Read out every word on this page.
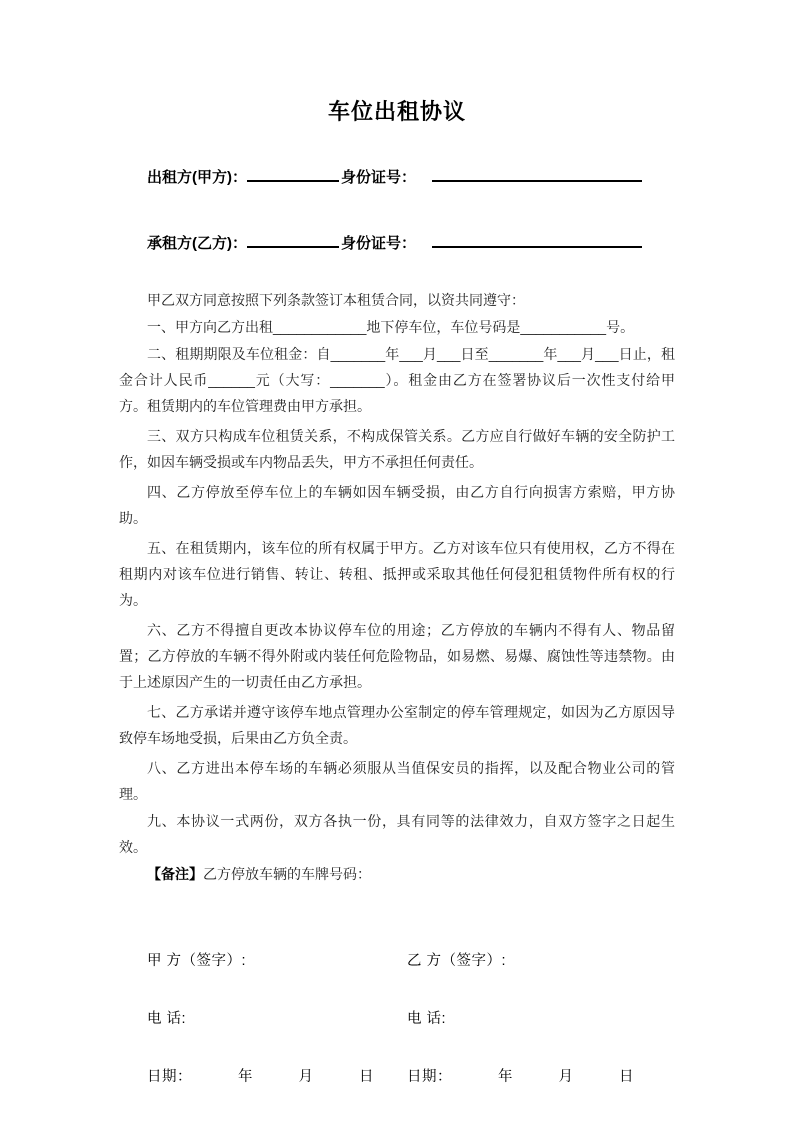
车位出租协议
出租方(甲方)：	身份证号：
承租方(乙方)：	身份证号：

甲乙双方同意按照下列条款签订本租赁合同，以资共同遵守：

一、甲方向乙方出租____________地下停车位，车位号码是___________号。

二、租期期限及车位租金：自_______年___月___日至_______年___月___日止，租金合计人民币______元（大写：_______）。租金由乙方在签署协议后一次性支付给甲方。租赁期内的车位管理费由甲方承担。

三、双方只构成车位租赁关系，不构成保管关系。乙方应自行做好车辆的安全防护工作，如因车辆受损或车内物品丢失，甲方不承担任何责任。

四、乙方停放至停车位上的车辆如因车辆受损，由乙方自行向损害方索赔，甲方协助。

五、在租赁期内，该车位的所有权属于甲方。乙方对该车位只有使用权，乙方不得在租期内对该车位进行销售、转让、转租、抵押或采取其他任何侵犯租赁物件所有权的行为。

六、乙方不得擅自更改本协议停车位的用途；乙方停放的车辆内不得有人、物品留置；乙方停放的车辆不得外附或内装任何危险物品，如易燃、易爆、腐蚀性等违禁物。由于上述原因产生的一切责任由乙方承担。

七、乙方承诺并遵守该停车地点管理办公室制定的停车管理规定，如因为乙方原因导致停车场地受损，后果由乙方负全责。

八、乙方进出本停车场的车辆必须服从当值保安员的指挥，以及配合物业公司的管理。

九、本协议一式两份，双方各执一份，具有同等的法律效力，自双方签字之日起生效。

【备注】乙方停放车辆的车牌号码：

甲 方（签字）:	乙 方（签字）:
电 话:	电 话:
日期：	年	月	日	日期：	年	月	日
